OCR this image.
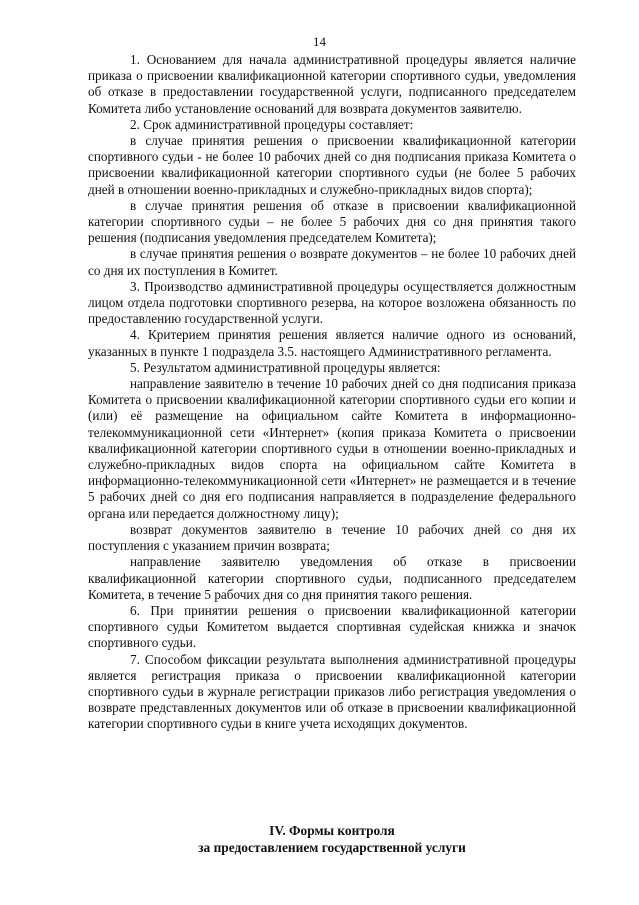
14

1. Основанием для начала административной процедуры является наличие приказа о присвоении квалификационной категории спортивного судьи, уведомления об отказе в предоставлении государственной услуги, подписанного председателем Комитета либо установление оснований для возврата документов заявителю.

2. Срок административной процедуры составляет:

в случае принятия решения о присвоении квалификационной категории спортивного судьи - не более 10 рабочих дней со дня подписания приказа Комитета о присвоении квалификационной категории спортивного судьи (не более 5 рабочих дней в отношении военно-прикладных и служебно-прикладных видов спорта);

в случае принятия решения об отказе в присвоении квалификационной категории спортивного судьи – не более 5 рабочих дня со дня принятия такого решения (подписания уведомления председателем Комитета);

в случае принятия решения о возврате документов – не более 10 рабочих дней со дня их поступления в Комитет.

3. Производство административной процедуры осуществляется должностным лицом отдела подготовки спортивного резерва, на которое возложена обязанность по предоставлению государственной услуги.

4. Критерием принятия решения является наличие одного из оснований, указанных в пункте 1 подраздела 3.5. настоящего Административного регламента.

5. Результатом административной процедуры является:

направление заявителю в течение 10 рабочих дней со дня подписания приказа Комитета о присвоении квалификационной категории спортивного судьи его копии и (или) её размещение на официальном сайте Комитета в информационно-телекоммуникационной сети «Интернет» (копия приказа Комитета о присвоении квалификационной категории спортивного судьи в отношении военно-прикладных и служебно-прикладных видов спорта на официальном сайте Комитета в информационно-телекоммуникационной сети «Интернет» не размещается и в течение 5 рабочих дней со дня его подписания направляется в подразделение федерального органа или передается должностному лицу);

возврат документов заявителю в течение 10 рабочих дней со дня их поступления с указанием причин возврата;

направление заявителю уведомления об отказе в присвоении квалификационной категории спортивного судьи, подписанного председателем Комитета, в течение 5 рабочих дня со дня принятия такого решения.

6. При принятии решения о присвоении квалификационной категории спортивного судьи Комитетом выдается спортивная судейская книжка и значок спортивного судьи.

7. Способом фиксации результата выполнения административной процедуры является регистрация приказа о присвоении квалификационной категории спортивного судьи в журнале регистрации приказов либо регистрация уведомления о возврате представленных документов или об отказе в присвоении квалификационной категории спортивного судьи в книге учета исходящих документов.

IV. Формы контроля
за предоставлением государственной услуги
